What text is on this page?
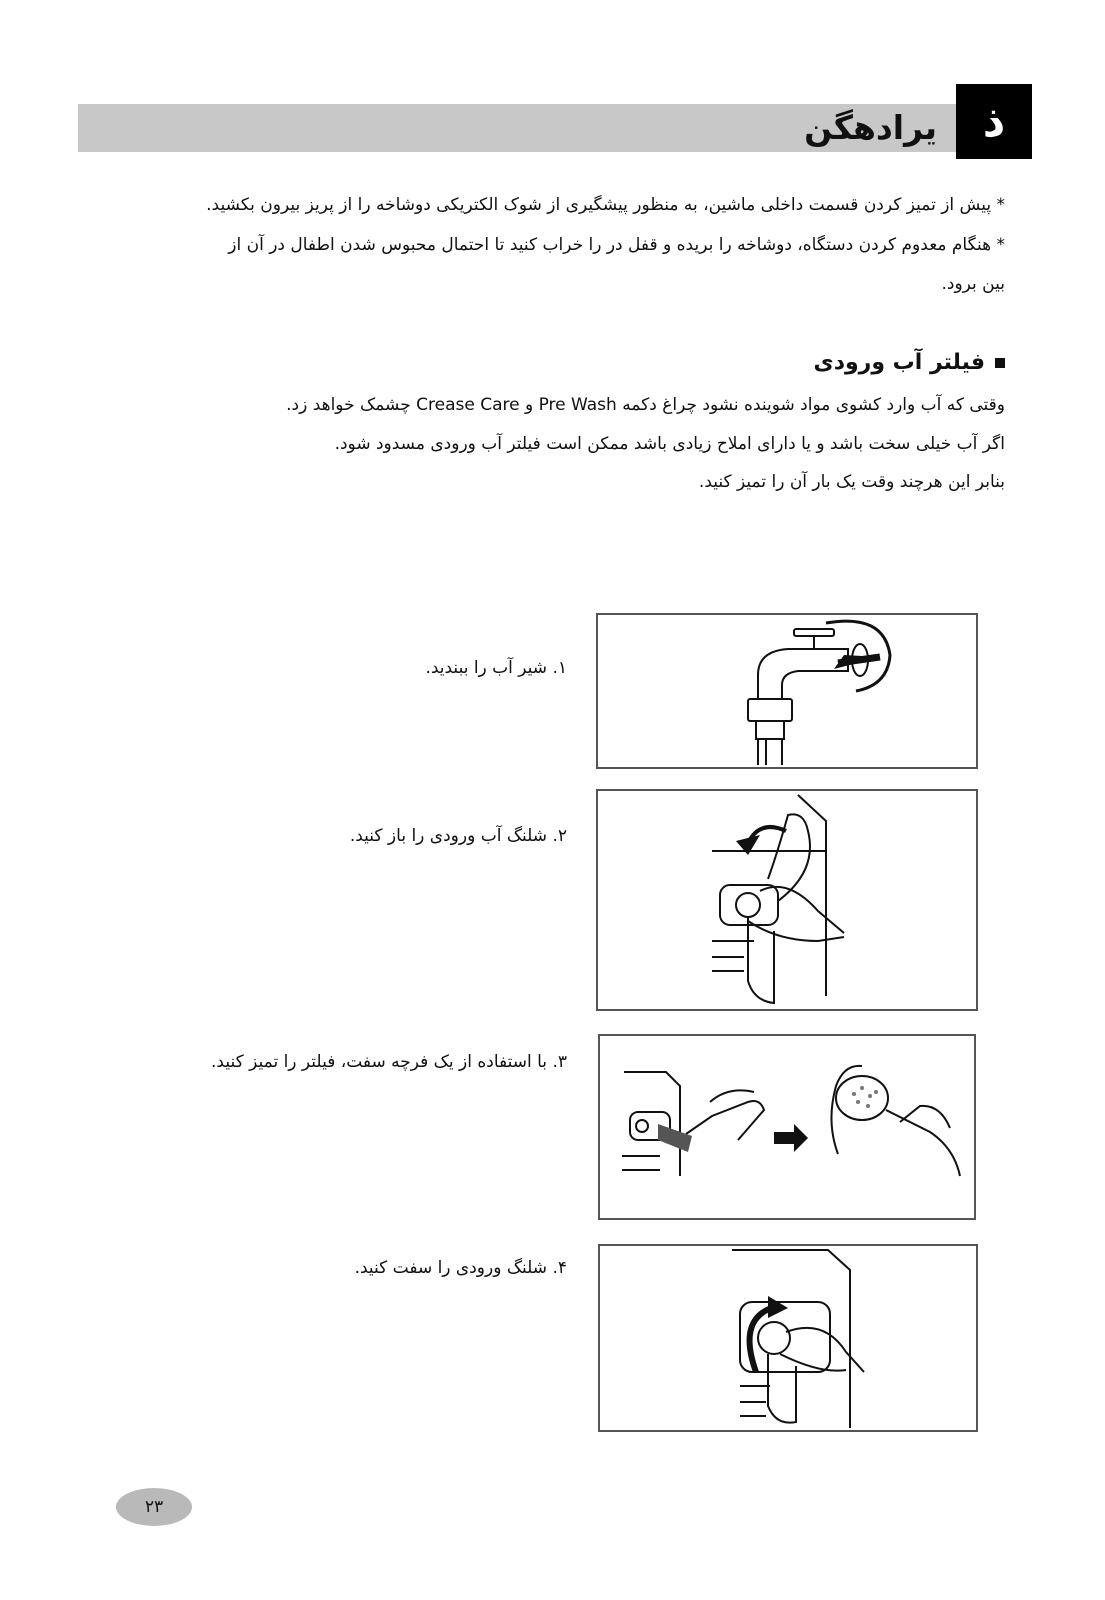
یرادهگن	ذ
* پیش از تمیز کردن قسمت داخلی ماشین، به منظور پیشگیری از شوک الکتریکی دوشاخه را از پریز بیرون بکشید.
* هنگام معدوم کردن دستگاه، دوشاخه را بریده و قفل در را خراب کنید تا احتمال محبوس شدن اطفال در آن از
بین برود.
فیلتر آب ورودی
وقتی که آب وارد کشوی مواد شوینده نشود چراغ دکمه Pre Wash و Crease Care چشمک خواهد زد.
اگر آب خیلی سخت باشد و یا دارای املاح زیادی باشد ممکن است فیلتر آب ورودی مسدود شود.
بنابر این هرچند وقت یک بار آن را تمیز کنید.
۱. شیر آب را ببندید.
۲. شلنگ آب ورودی را باز کنید.
۳. با استفاده از یک فرچه سفت، فیلتر را تمیز کنید.
۴. شلنگ ورودی را سفت کنید.
۲۳
